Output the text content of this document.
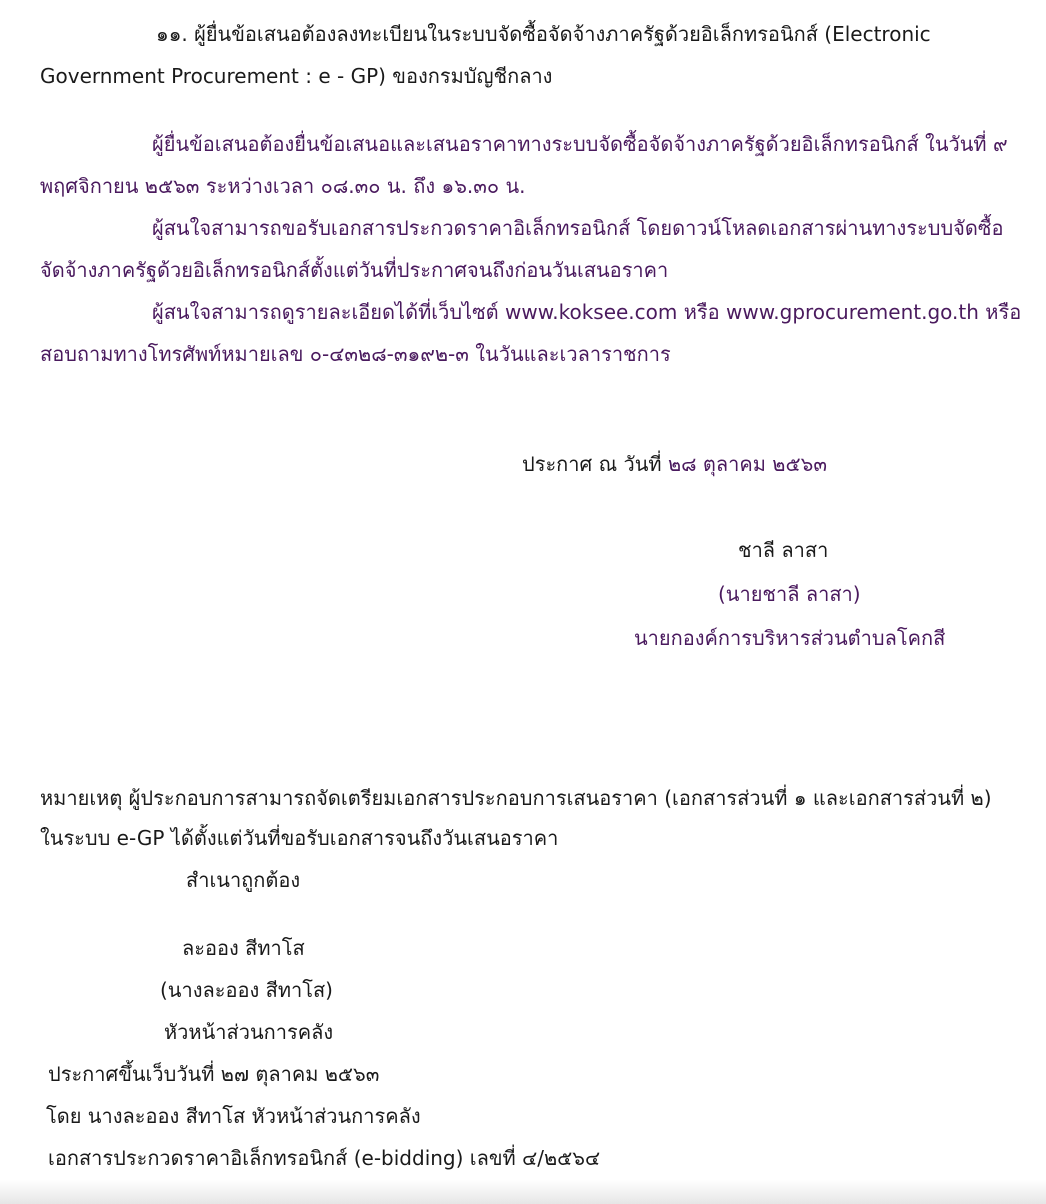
๑๑. ผู้ยื่นข้อเสนอต้องลงทะเบียนในระบบจัดซื้อจัดจ้างภาครัฐด้วยอิเล็กทรอนิกส์ (Electronic
Government Procurement : e - GP) ของกรมบัญชีกลาง
ผู้ยื่นข้อเสนอต้องยื่นข้อเสนอและเสนอราคาทางระบบจัดซื้อจัดจ้างภาครัฐด้วยอิเล็กทรอนิกส์ ในวันที่ ๙
พฤศจิกายน ๒๕๖๓ ระหว่างเวลา ๐๘.๓๐ น. ถึง ๑๖.๓๐ น.
ผู้สนใจสามารถขอรับเอกสารประกวดราคาอิเล็กทรอนิกส์ โดยดาวน์โหลดเอกสารผ่านทางระบบจัดซื้อ
จัดจ้างภาครัฐด้วยอิเล็กทรอนิกส์ตั้งแต่วันที่ประกาศจนถึงก่อนวันเสนอราคา
ผู้สนใจสามารถดูรายละเอียดได้ที่เว็บไซต์ www.koksee.com หรือ www.gprocurement.go.th หรือ
สอบถามทางโทรศัพท์หมายเลข ๐-๔๓๒๘-๓๑๙๒-๓ ในวันและเวลาราชการ
ประกาศ ณ วันที่ ๒๘ ตุลาคม ๒๕๖๓
ชาลี ลาสา
(นายชาลี ลาสา)
นายกองค์การบริหารส่วนตำบลโคกสี
หมายเหตุ ผู้ประกอบการสามารถจัดเตรียมเอกสารประกอบการเสนอราคา (เอกสารส่วนที่ ๑ และเอกสารส่วนที่ ๒)
ในระบบ e-GP ได้ตั้งแต่วันที่ขอรับเอกสารจนถึงวันเสนอราคา
สำเนาถูกต้อง
ละออง สีทาโส
(นางละออง สีทาโส)
หัวหน้าส่วนการคลัง
ประกาศขึ้นเว็บวันที่ ๒๗ ตุลาคม ๒๕๖๓
โดย นางละออง สีทาโส หัวหน้าส่วนการคลัง
เอกสารประกวดราคาอิเล็กทรอนิกส์ (e-bidding) เลขที่ ๔/๒๕๖๔
